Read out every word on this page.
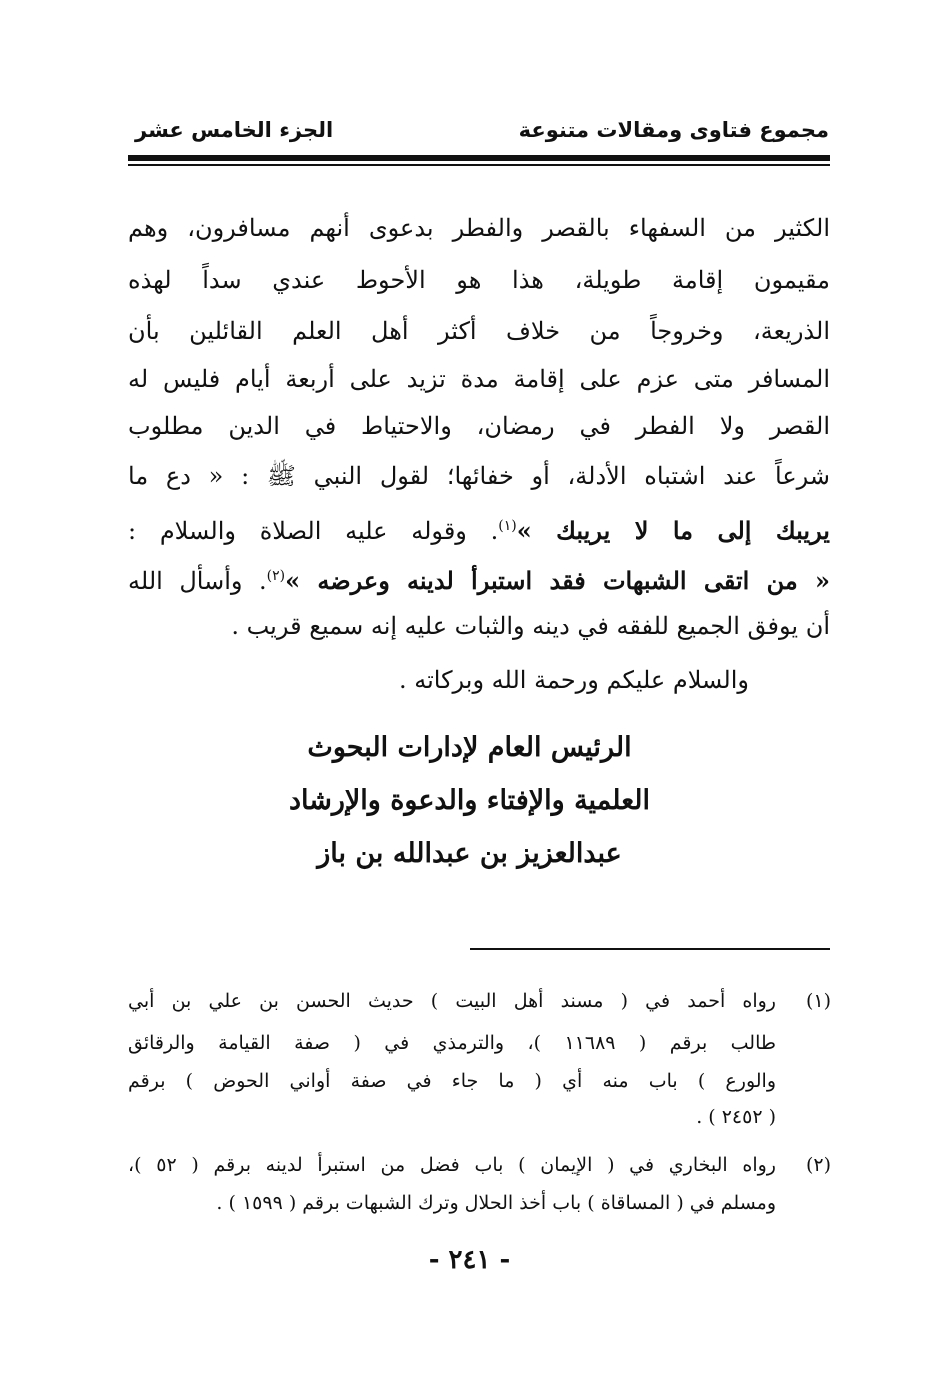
مجموع فتاوى ومقالات متنوعة
الجزء الخامس عشر
الكثير من السفهاء بالقصر والفطر بدعوى أنهم مسافرون، وهم
مقيمون إقامة طويلة، هذا هو الأحوط عندي سداً لهذه
الذريعة، وخروجاً من خلاف أكثر أهل العلم القائلين بأن
المسافر متى عزم على إقامة مدة تزيد على أربعة أيام فليس له
القصر ولا الفطر في رمضان، والاحتياط في الدين مطلوب
شرعاً عند اشتباه الأدلة، أو خفائها؛ لقول النبي ﷺ : « دع ما
يريبك إلى ما لا يريبك »$^{(١)}$. وقوله عليه الصلاة والسلام :
« من اتقى الشبهات فقد استبرأ لدينه وعرضه »$^{(٢)}$. وأسأل الله
أن يوفق الجميع للفقه في دينه والثبات عليه إنه سميع قريب .
والسلام عليكم ورحمة الله وبركاته .
الرئيس العام لإدارات البحوث
العلمية والإفتاء والدعوة والإرشاد
عبدالعزيز بن عبدالله بن باز
(١)
رواه أحمد في ( مسند أهل البيت ) حديث الحسن بن علي بن أبي
طالب برقم ( ١١٦٨٩ )، والترمذي في ( صفة القيامة والرقائق
والورع ) باب منه أي ( ما جاء في صفة أواني الحوض ) برقم
( ٢٤٥٢ ) .
(٢)
رواه البخاري في ( الإيمان ) باب فضل من استبرأ لدينه برقم ( ٥٢ )،
ومسلم في ( المساقاة ) باب أخذ الحلال وترك الشبهات برقم ( ١٥٩٩ ) .
- ٢٤١ -
